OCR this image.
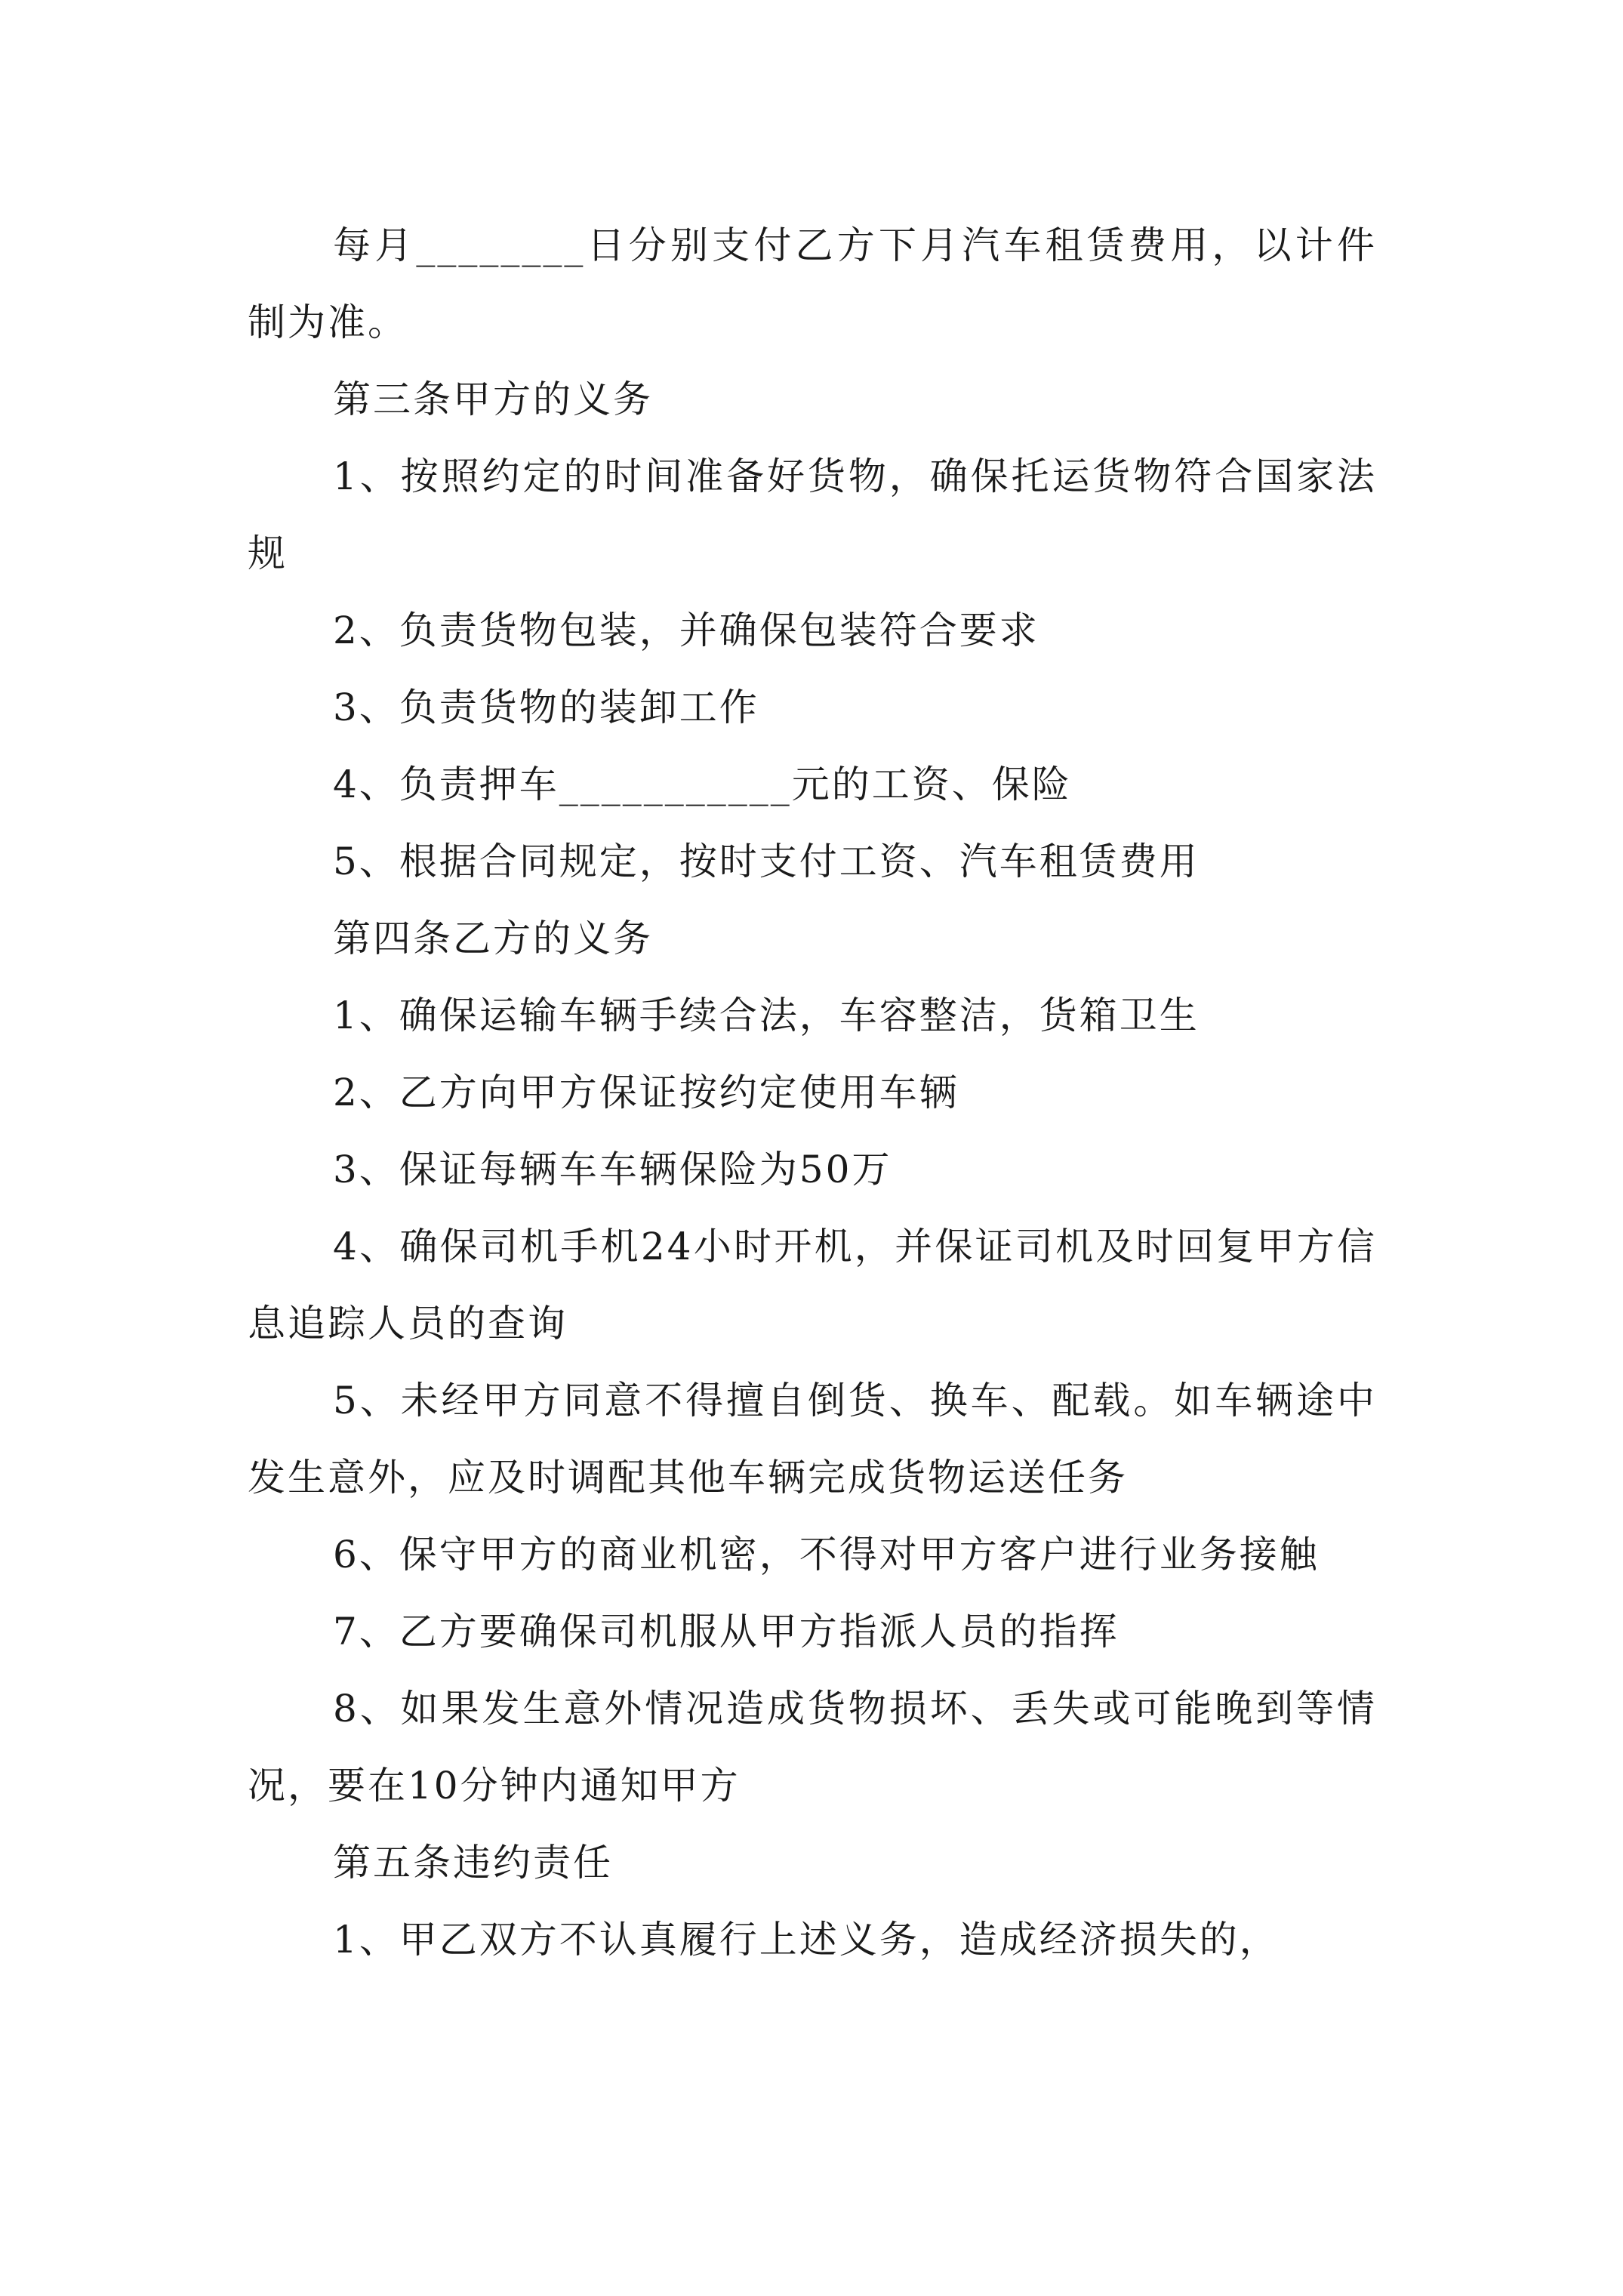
每月________日分别支付乙方下月汽车租赁费用，以计件制为准。

第三条甲方的义务

1、按照约定的时间准备好货物，确保托运货物符合国家法规

2、负责货物包装，并确保包装符合要求

3、负责货物的装卸工作

4、负责押车___________元的工资、保险

5、根据合同规定，按时支付工资、汽车租赁费用

第四条乙方的义务

1、确保运输车辆手续合法，车容整洁，货箱卫生

2、乙方向甲方保证按约定使用车辆

3、保证每辆车车辆保险为50万

4、确保司机手机24小时开机，并保证司机及时回复甲方信息追踪人员的查询

5、未经甲方同意不得擅自倒货、换车、配载。如车辆途中发生意外，应及时调配其他车辆完成货物运送任务

6、保守甲方的商业机密，不得对甲方客户进行业务接触

7、乙方要确保司机服从甲方指派人员的指挥

8、如果发生意外情况造成货物损坏、丢失或可能晚到等情况，要在10分钟内通知甲方

第五条违约责任

1、甲乙双方不认真履行上述义务，造成经济损失的，
